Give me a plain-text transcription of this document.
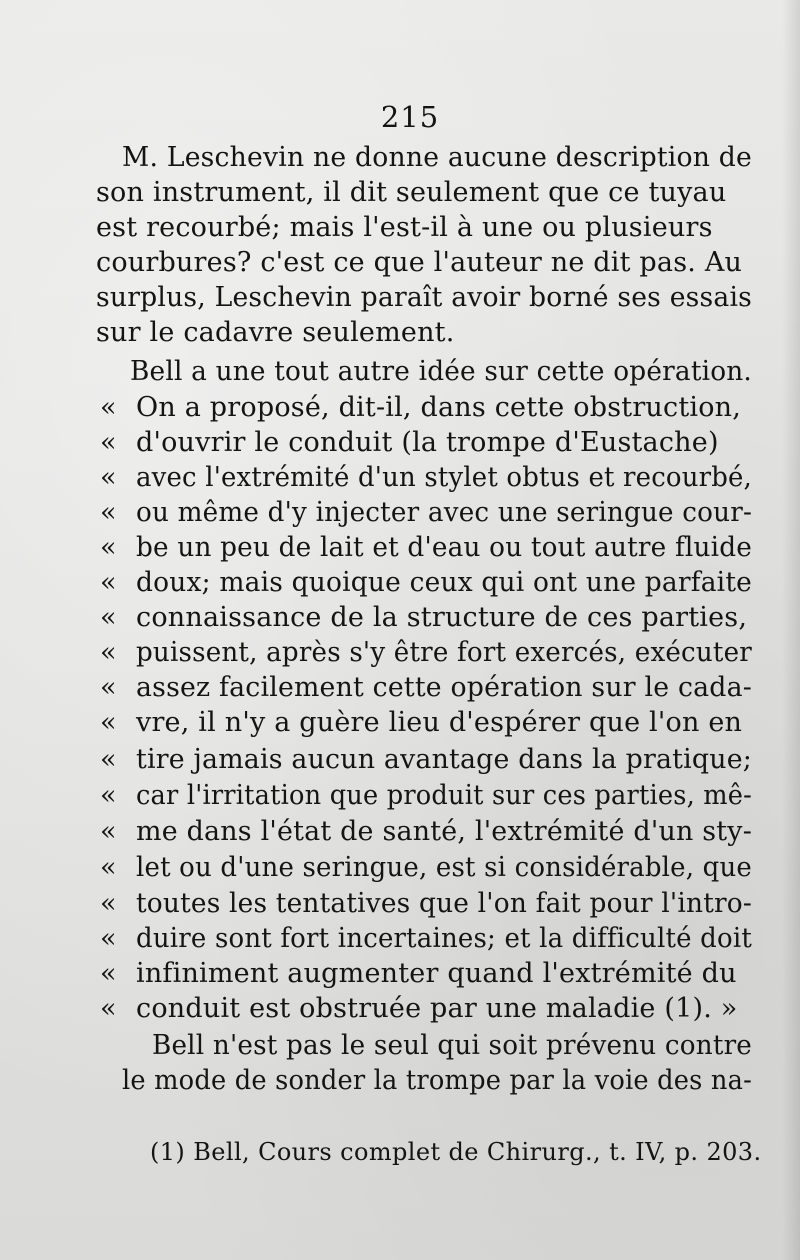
215
M. Leschevin ne donne aucune description de
son instrument, il dit seulement que ce tuyau
est recourbé; mais l'est-il à une ou plusieurs
courbures? c'est ce que l'auteur ne dit pas. Au
surplus, Leschevin paraît avoir borné ses essais
sur le cadavre seulement.
Bell a une tout autre idée sur cette opération.
« On a proposé, dit-il, dans cette obstruction,
« d'ouvrir le conduit (la trompe d'Eustache)
« avec l'extrémité d'un stylet obtus et recourbé,
« ou même d'y injecter avec une seringue cour-
« be un peu de lait et d'eau ou tout autre fluide
« doux; mais quoique ceux qui ont une parfaite
« connaissance de la structure de ces parties,
« puissent, après s'y être fort exercés, exécuter
« assez facilement cette opération sur le cada-
« vre, il n'y a guère lieu d'espérer que l'on en
« tire jamais aucun avantage dans la pratique;
« car l'irritation que produit sur ces parties, mê-
« me dans l'état de santé, l'extrémité d'un sty-
« let ou d'une seringue, est si considérable, que
« toutes les tentatives que l'on fait pour l'intro-
« duire sont fort incertaines; et la difficulté doit
« infiniment augmenter quand l'extrémité du
« conduit est obstruée par une maladie (1). »
Bell n'est pas le seul qui soit prévenu contre
le mode de sonder la trompe par la voie des na-
(1) Bell, Cours complet de Chirurg., t. IV, p. 203.
